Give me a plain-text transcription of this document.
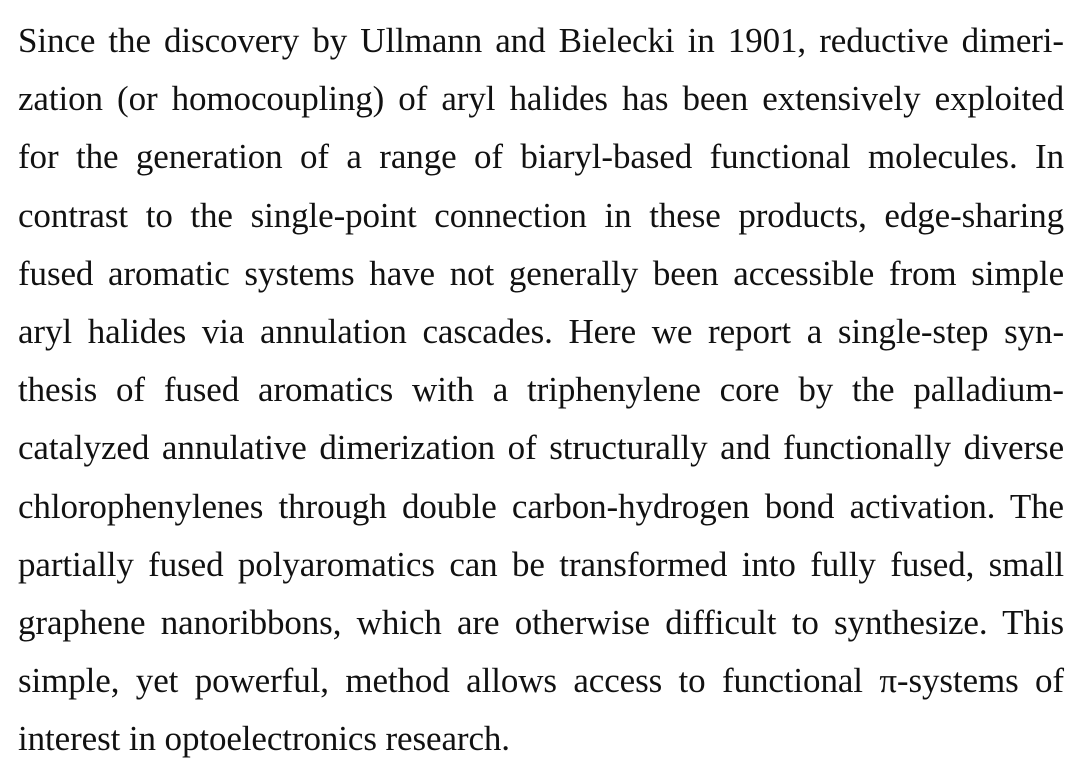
Since the discovery by Ullmann and Bielecki in 1901, reductive dimeri-
zation (or homocoupling) of aryl halides has been extensively exploited
for the generation of a range of biaryl-based functional molecules. In
contrast to the single-point connection in these products, edge-sharing
fused aromatic systems have not generally been accessible from simple
aryl halides via annulation cascades. Here we report a single-step syn-
thesis of fused aromatics with a triphenylene core by the palladium-
catalyzed annulative dimerization of structurally and functionally diverse
chlorophenylenes through double carbon-hydrogen bond activation. The
partially fused polyaromatics can be transformed into fully fused, small
graphene nanoribbons, which are otherwise difficult to synthesize. This
simple, yet powerful, method allows access to functional π-systems of
interest in optoelectronics research.
